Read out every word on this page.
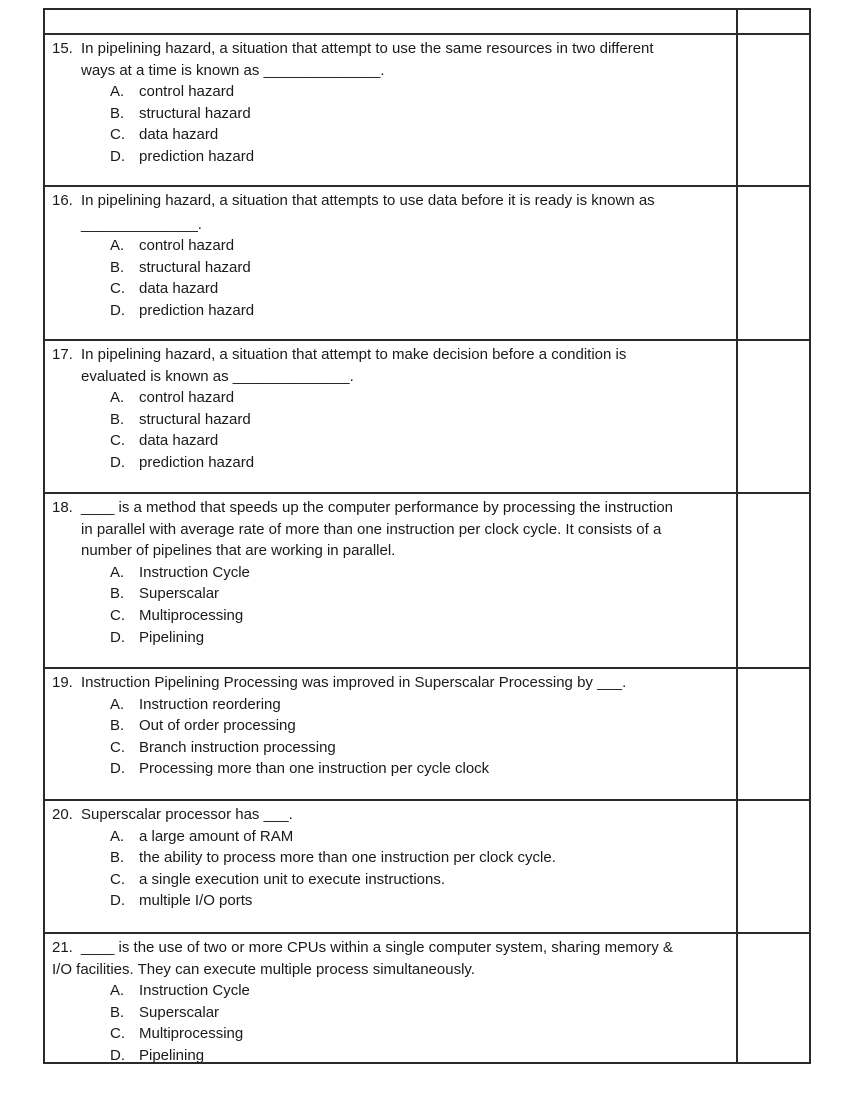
15. In pipelining hazard, a situation that attempt to use the same resources in two different
ways at a time is known as ______________.
A. control hazard
B. structural hazard
C. data hazard
D. prediction hazard
16. In pipelining hazard, a situation that attempts to use data before it is ready is known as
______________.
A. control hazard
B. structural hazard
C. data hazard
D. prediction hazard
17. In pipelining hazard, a situation that attempt to make decision before a condition is
evaluated is known as ______________.
A. control hazard
B. structural hazard
C. data hazard
D. prediction hazard
18. ____ is a method that speeds up the computer performance by processing the instruction
in parallel with average rate of more than one instruction per clock cycle. It consists of a
number of pipelines that are working in parallel.
A. Instruction Cycle
B. Superscalar
C. Multiprocessing
D. Pipelining
19. Instruction Pipelining Processing was improved in Superscalar Processing by ___.
A. Instruction reordering
B. Out of order processing
C. Branch instruction processing
D. Processing more than one instruction per cycle clock
20. Superscalar processor has ___.
A. a large amount of RAM
B. the ability to process more than one instruction per clock cycle.
C. a single execution unit to execute instructions.
D. multiple I/O ports
21. ____ is the use of two or more CPUs within a single computer system, sharing memory &
I/O facilities. They can execute multiple process simultaneously.
A. Instruction Cycle
B. Superscalar
C. Multiprocessing
D. Pipelining
